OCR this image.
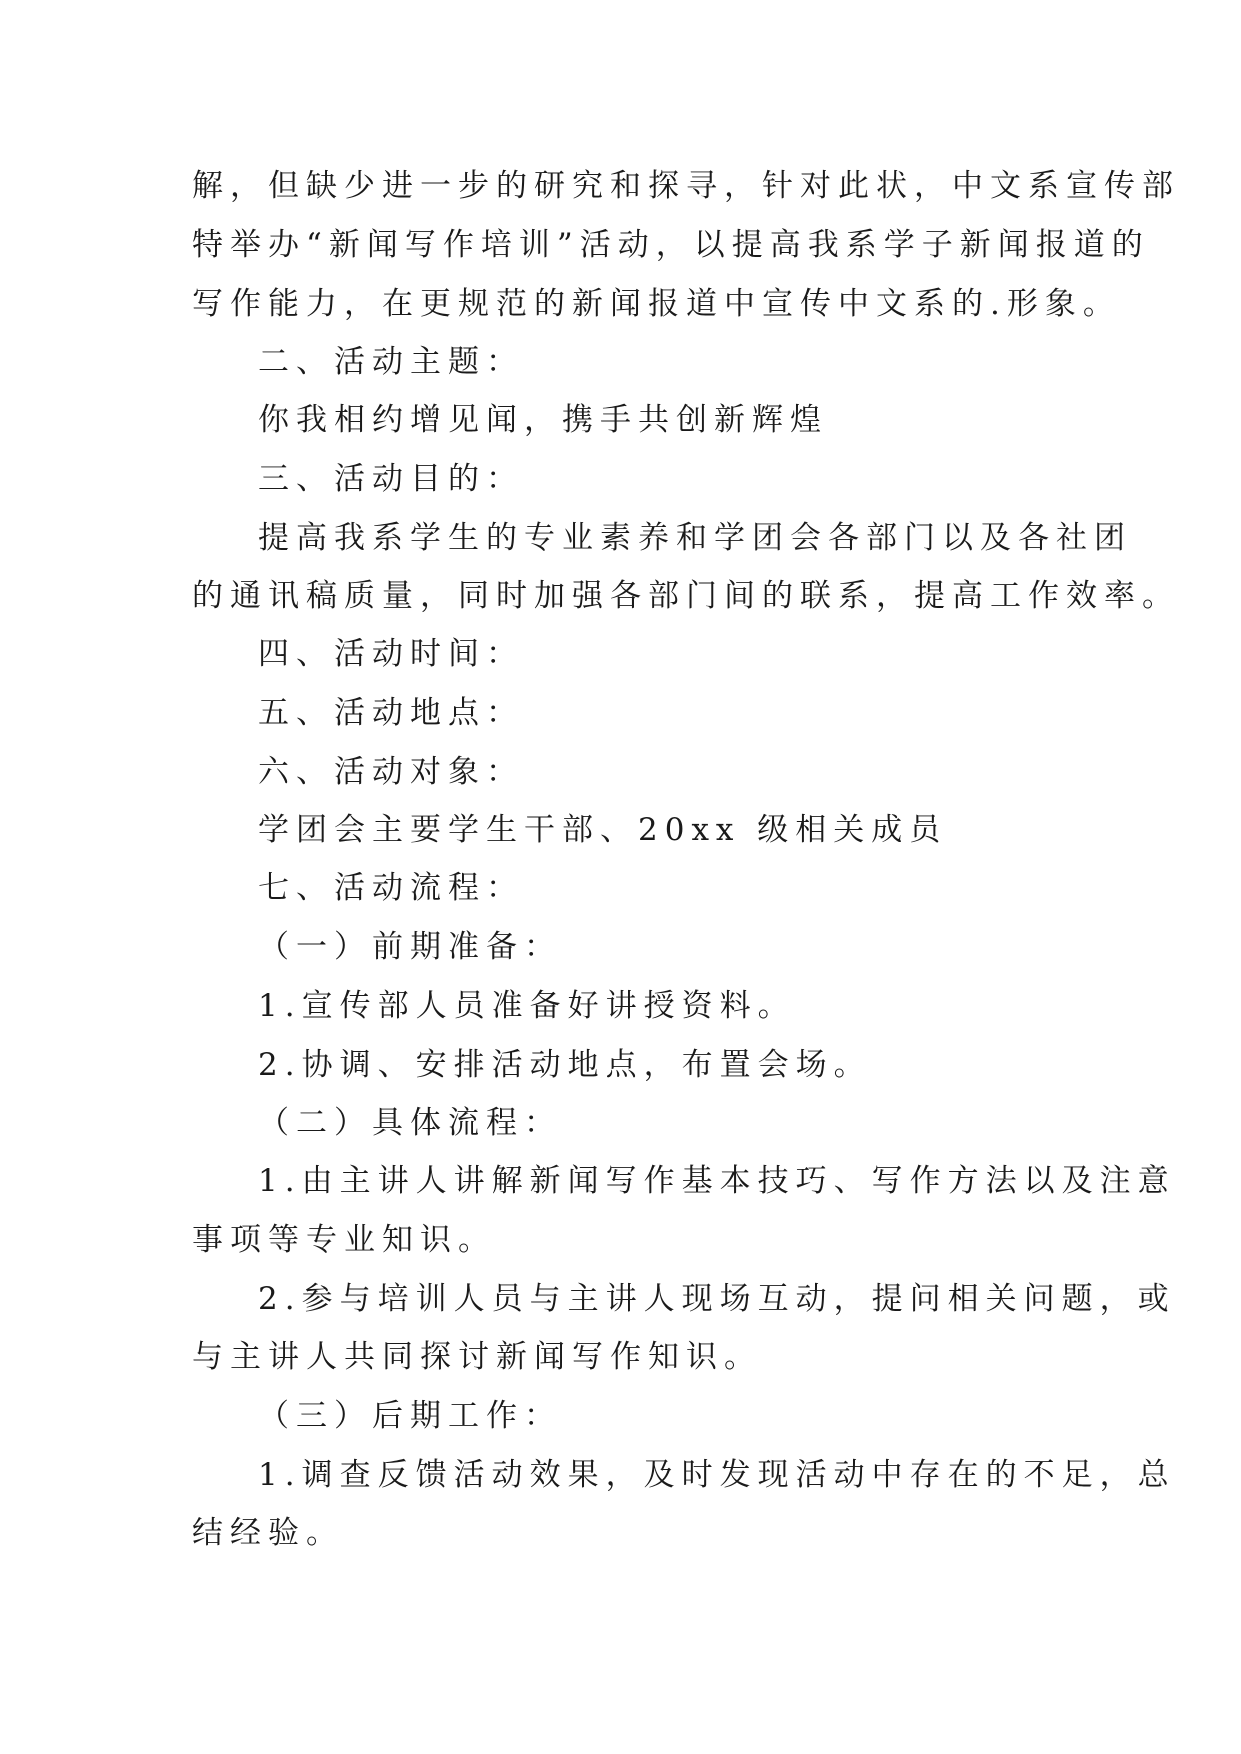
解，但缺少进一步的研究和探寻，针对此状，中文系宣传部
特举办“新闻写作培训”活动，以提高我系学子新闻报道的
写作能力，在更规范的新闻报道中宣传中文系的.形象。
二、活动主题：
你我相约增见闻，携手共创新辉煌
三、活动目的：
提高我系学生的专业素养和学团会各部门以及各社团
的通讯稿质量，同时加强各部门间的联系，提高工作效率。
四、活动时间：
五、活动地点：
六、活动对象：
学团会主要学生干部、20xx 级相关成员
七、活动流程：
（一）前期准备：
1.宣传部人员准备好讲授资料。
2.协调、安排活动地点，布置会场。
（二）具体流程：
1.由主讲人讲解新闻写作基本技巧、写作方法以及注意
事项等专业知识。
2.参与培训人员与主讲人现场互动，提问相关问题，或
与主讲人共同探讨新闻写作知识。
（三）后期工作：
1.调查反馈活动效果，及时发现活动中存在的不足，总
结经验。
